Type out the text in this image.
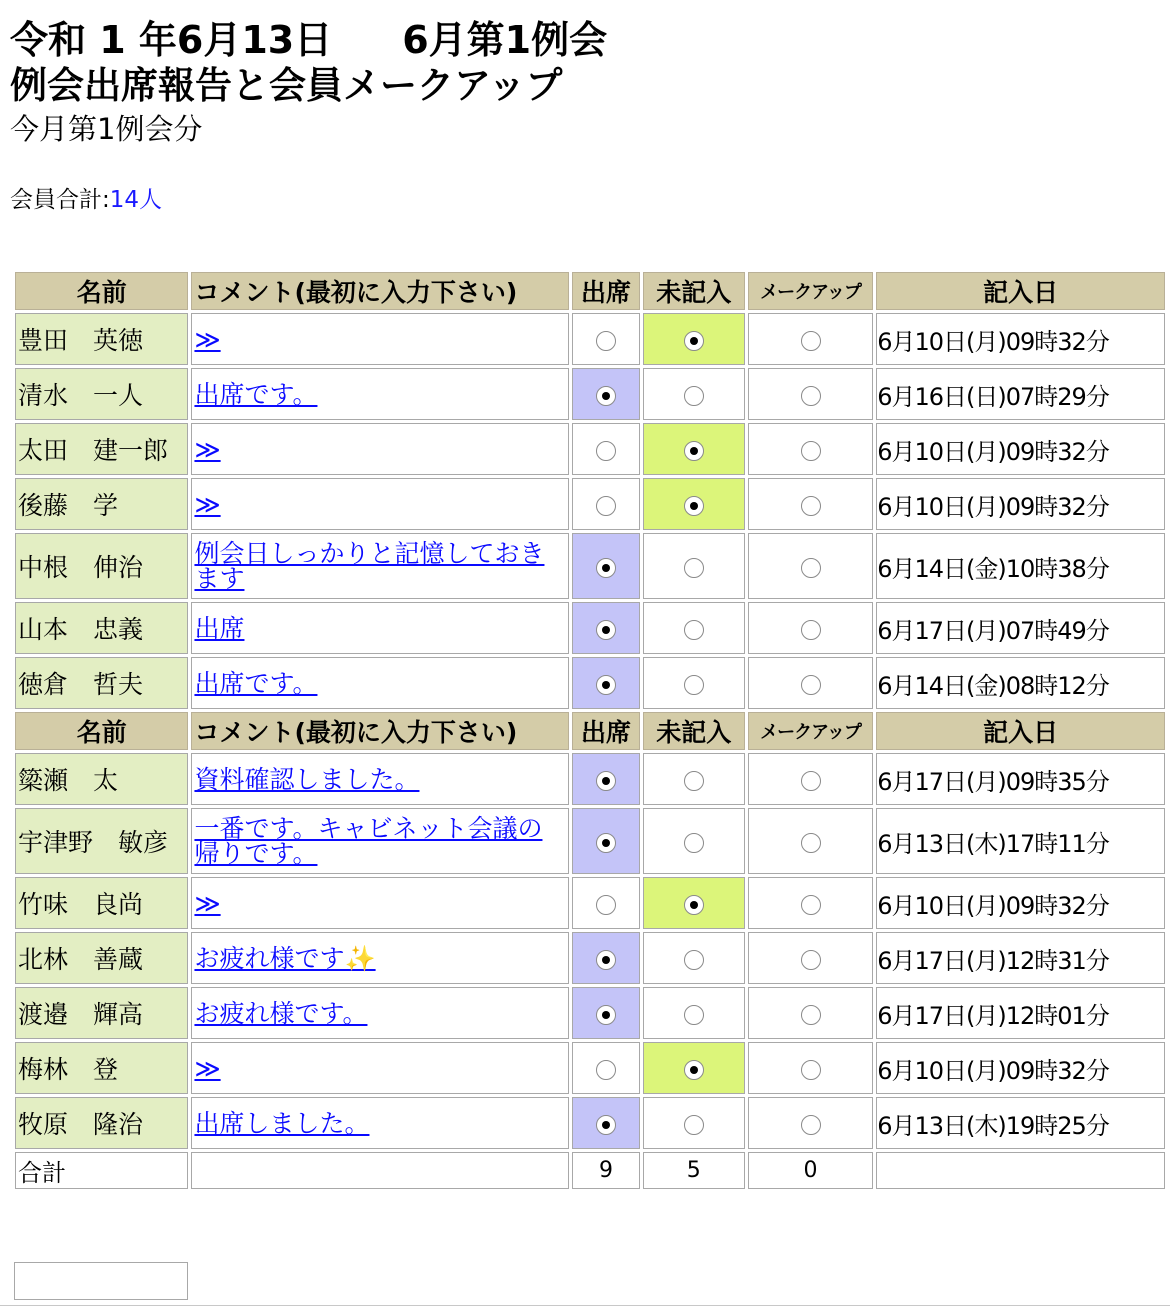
令和 1 年6月13日 6月第1例会
例会出席報告と会員メークアップ
今月第1例会分
会員合計:14人
名前	コメント(最初に入力下さい)	出席	未記入	メークアップ	記入日
豊田　英徳	≫				6月10日(月)09時32分
清水　一人	出席です。				6月16日(日)07時29分
太田　建一郎	≫				6月10日(月)09時32分
後藤　学	≫				6月10日(月)09時32分
中根　伸治	例会日しっかりと記憶しておきます				6月14日(金)10時38分
山本　忠義	出席				6月17日(月)07時49分
徳倉　哲夫	出席です。				6月14日(金)08時12分
名前	コメント(最初に入力下さい)	出席	未記入	メークアップ	記入日
簗瀬　太	資料確認しました。				6月17日(月)09時35分
宇津野　敏彦	一番です。キャビネット会議の帰りです。				6月13日(木)17時11分
竹味　良尚	≫				6月10日(月)09時32分
北林　善蔵	お疲れ様です✨				6月17日(月)12時31分
渡邉　輝高	お疲れ様です。				6月17日(月)12時01分
梅林　登	≫				6月10日(月)09時32分
牧原　隆治	出席しました。				6月13日(木)19時25分
合計		9	5	0	
